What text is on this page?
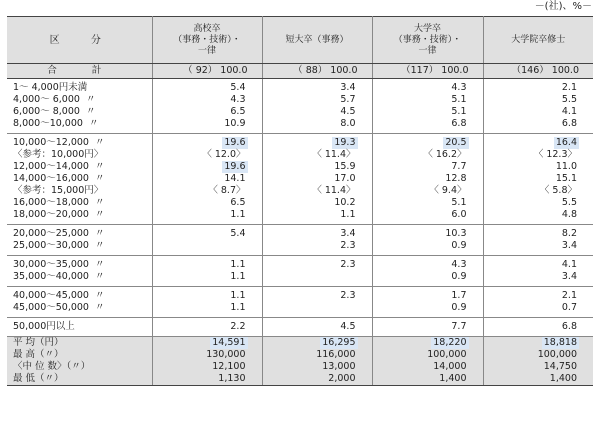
－(社)、%－
区 分	高校卒
（事務・技術）・
一律	短大卒（事務）	大学卒
（事務・技術）・
一律	大学院卒修士
合 計	（ 92） 100.0	（ 88） 100.0	（117） 100.0	（146） 100.0
1～ 4,000円未満	5.4	3.4	4.3	2.1
4,000～ 6,000  〃	4.3	5.7	5.1	5.5
6,000～ 8,000  〃	6.5	4.5	5.1	4.1
8,000～10,000  〃	10.9	8.0	6.8	6.8
10,000～12,000  〃	19.6	19.3	20.5	16.4
〈参考：10,000円〉	〈 12.0〉	〈 11.4〉	〈 16.2〉	〈 12.3〉
12,000～14,000  〃	19.6	15.9	7.7	11.0
14,000～16,000  〃	14.1	17.0	12.8	15.1
〈参考：15,000円〉	〈 8.7〉	〈 11.4〉	〈 9.4〉	〈 5.8〉
16,000～18,000  〃	6.5	10.2	5.1	5.5
18,000～20,000  〃	1.1	1.1	6.0	4.8
20,000～25,000  〃	5.4	3.4	10.3	8.2
25,000～30,000  〃		2.3	0.9	3.4
30,000～35,000  〃	1.1	2.3	4.3	4.1
35,000～40,000  〃	1.1		0.9	3.4
40,000～45,000  〃	1.1	2.3	1.7	2.1
45,000～50,000  〃	1.1		0.9	0.7
50,000円以上	2.2	4.5	7.7	6.8
平 均（円）	14,591	16,295	18,220	18,818
最 高（〃）	130,000	116,000	100,000	100,000
〈中 位 数〉（〃）	12,100	13,000	14,000	14,750
最 低（〃）	1,130	2,000	1,400	1,400
